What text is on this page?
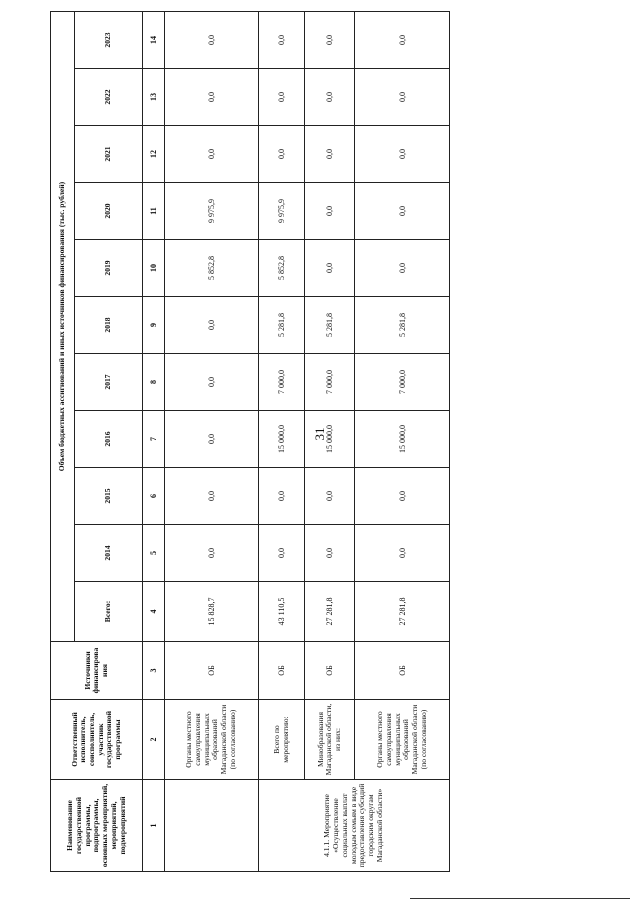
31
Наименование государственной программы, подпрограммы, основных мероприятий, мероприятий, подмероприятий	Ответственный исполнитель, соисполнитель, участник государственной программы	Источники финансирова ния	Объем бюджетных ассигнований и иных источников финансирования (тыс. рублей)										
			Всего:	2014	2015	2016	2017	2018	2019	2020	2021	2022	2023
1	2	3	4	5	6	7	8	9	10	11	12	13	14
	Органы местного самоуправления муниципальных образований Магаданской области (по согласованию)	ОБ	15 828,7	0,0	0,0	0,0	0,0	0,0	5 852,8	9 975,9	0,0	0,0	0,0
4.1.1. Мероприятие «Осуществление социальных выплат молодым семьям в виде предоставления субсидий городским округам Магаданской области»	Всего по мероприятию:	ОБ	43 110,5	0,0	0,0	15 000,0	7 000,0	5 281,8	5 852,8	9 975,9	0,0	0,0	0,0
	Минобразования Магаданской области, из них:	ОБ	27 281,8	0,0	0,0	15 000,0	7 000,0	5 281,8	0,0	0,0	0,0	0,0	0,0
	Органы местного самоуправления муниципальных образований Магаданской области (по согласованию)	ОБ	27 281,8	0,0	0,0	15 000,0	7 000,0	5 281,8	0,0	0,0	0,0	0,0	0,0
